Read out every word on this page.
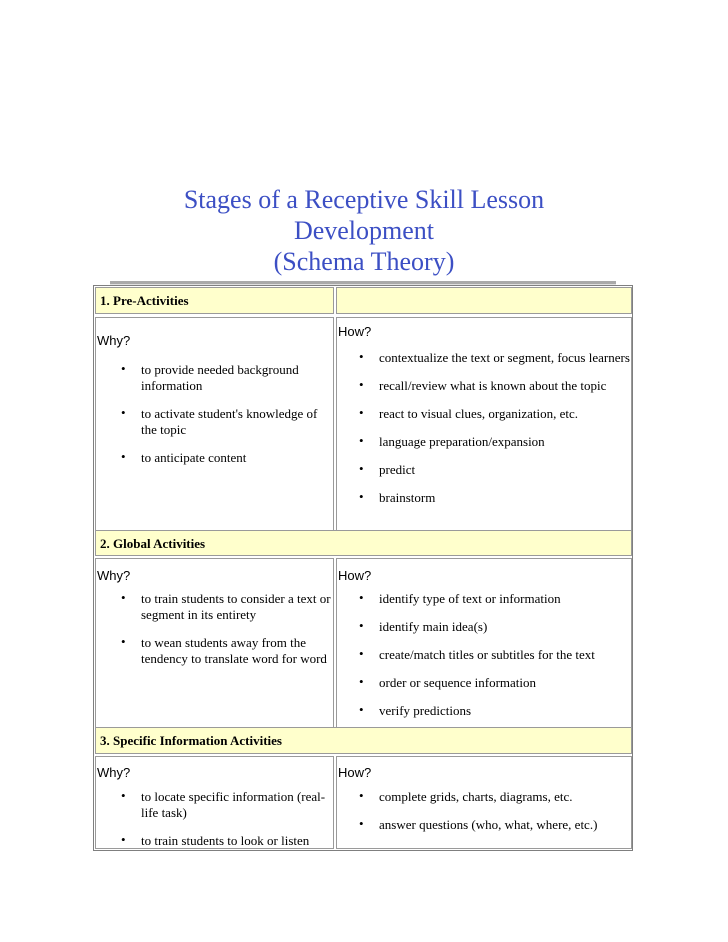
Stages of a Receptive Skill Lesson
Development
(Schema Theory)
1. Pre-Activities
Why?
• to provide needed background information
• to activate student's knowledge of the topic
• to anticipate content
How?
• contextualize the text or segment, focus learners
• recall/review what is known about the topic
• react to visual clues, organization, etc.
• language preparation/expansion
• predict
• brainstorm
2. Global Activities
Why?
• to train students to consider a text or segment in its entirety
• to wean students away from the tendency to translate word for word
How?
• identify type of text or information
• identify main idea(s)
• create/match titles or subtitles for the text
• order or sequence information
• verify predictions
3. Specific Information Activities
Why?
• to locate specific information (real-life task)
• to train students to look or listen
How?
• complete grids, charts, diagrams, etc.
• answer questions (who, what, where, etc.)
